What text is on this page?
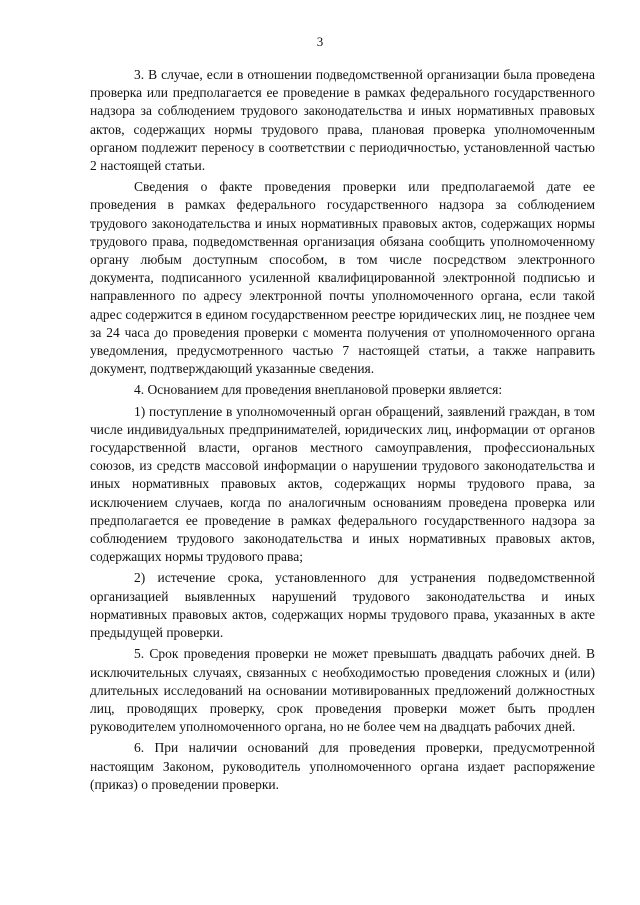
3

3. В случае, если в отношении подведомственной организации была проведена проверка или предполагается ее проведение в рамках федерального государственного надзора за соблюдением трудового законодательства и иных нормативных правовых актов, содержащих нормы трудового права, плановая проверка уполномоченным органом подлежит переносу в соответствии с периодичностью, установленной частью 2 настоящей статьи.

Сведения о факте проведения проверки или предполагаемой дате ее проведения в рамках федерального государственного надзора за соблюдением трудового законодательства и иных нормативных правовых актов, содержащих нормы трудового права, подведомственная организация обязана сообщить уполномоченному органу любым доступным способом, в том числе посредством электронного документа, подписанного усиленной квалифицированной электронной подписью и направленного по адресу электронной почты уполномоченного органа, если такой адрес содержится в едином государственном реестре юридических лиц, не позднее чем за 24 часа до проведения проверки с момента получения от уполномоченного органа уведомления, предусмотренного частью 7 настоящей статьи, а также направить документ, подтверждающий указанные сведения.

4. Основанием для проведения внеплановой проверки является:

1) поступление в уполномоченный орган обращений, заявлений граждан, в том числе индивидуальных предпринимателей, юридических лиц, информации от органов государственной власти, органов местного самоуправления, профессиональных союзов, из средств массовой информации о нарушении трудового законодательства и иных нормативных правовых актов, содержащих нормы трудового права, за исключением случаев, когда по аналогичным основаниям проведена проверка или предполагается ее проведение в рамках федерального государственного надзора за соблюдением трудового законодательства и иных нормативных правовых актов, содержащих нормы трудового права;

2) истечение срока, установленного для устранения подведомственной организацией выявленных нарушений трудового законодательства и иных нормативных правовых актов, содержащих нормы трудового права, указанных в акте предыдущей проверки.

5. Срок проведения проверки не может превышать двадцать рабочих дней. В исключительных случаях, связанных с необходимостью проведения сложных и (или) длительных исследований на основании мотивированных предложений должностных лиц, проводящих проверку, срок проведения проверки может быть продлен руководителем уполномоченного органа, но не более чем на двадцать рабочих дней.

6. При наличии оснований для проведения проверки, предусмотренной настоящим Законом, руководитель уполномоченного органа издает распоряжение (приказ) о проведении проверки.
